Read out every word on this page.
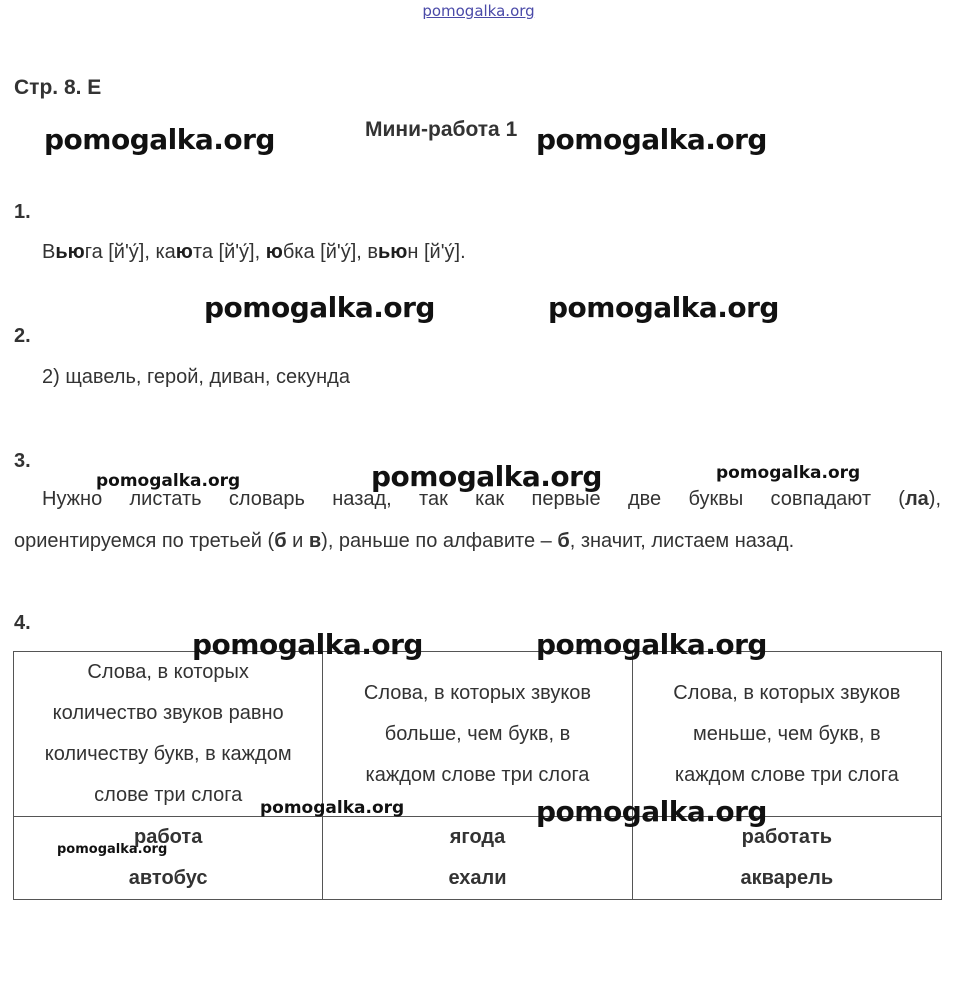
pomogalka.org
Стр. 8. Е
Мини-работа 1
1.
Вьюга [й'у́], каюта [й'у́], юбка [й'у́], вьюн [й'у́].
2.
2) щавель, герой, диван, секунда
3.
Нужно листать словарь назад, так как первые две буквы совпадают (ла),
ориентируемся по третьей (б и в), раньше по алфавите – б, значит, листаем назад.
4.
Слова, в которых
количество звуков равно
количеству букв, в каждом
слове три слога	Слова, в которых звуков
больше, чем букв, в
каждом слове три слога	Слова, в которых звуков
меньше, чем букв, в
каждом слове три слога

работа
автобус	ягода
ехали	работать
акварель
pomogalka.org	pomogalka.org
pomogalka.org	pomogalka.org
pomogalka.org	pomogalka.org	pomogalka.org
pomogalka.org	pomogalka.org
pomogalka.org	pomogalka.org
pomogalka.org
